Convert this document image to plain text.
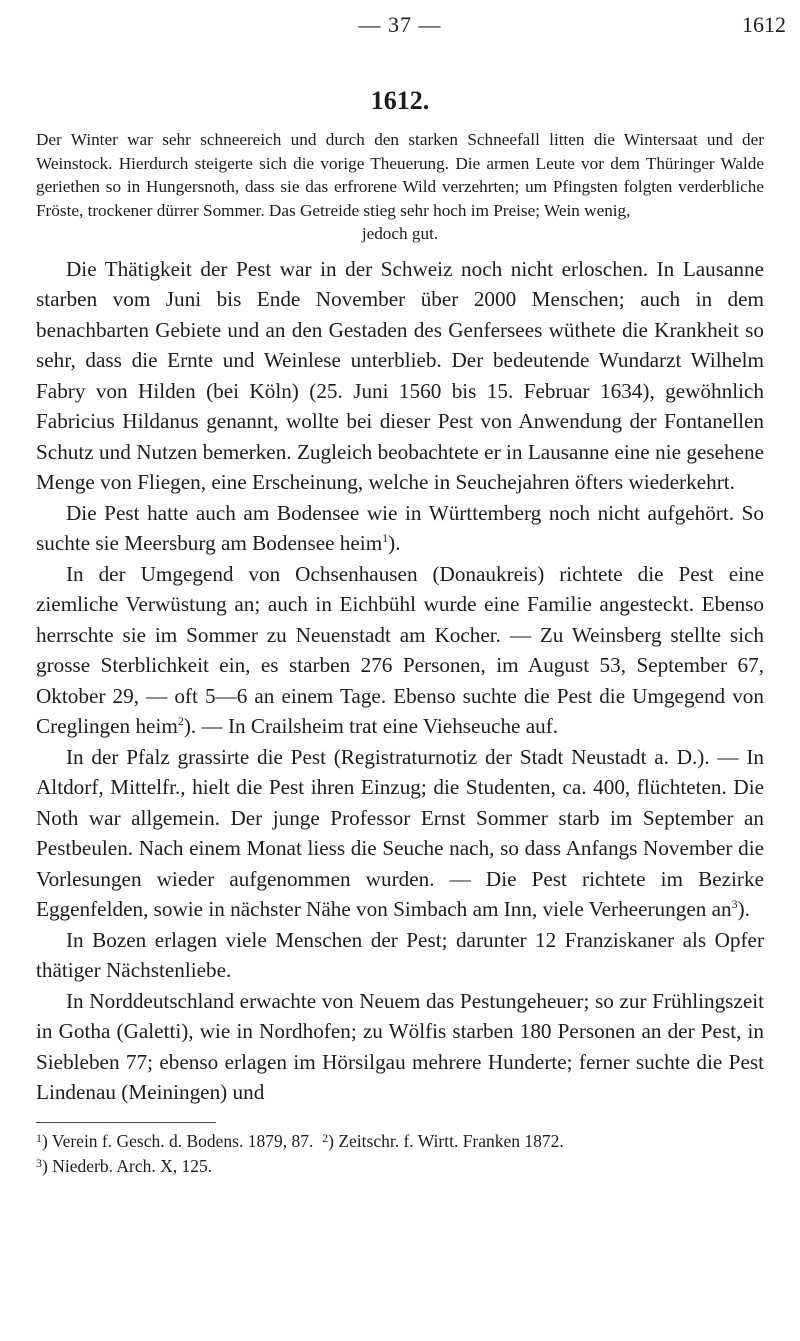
— 37 —	1612
1612.
Der Winter war sehr schneereich und durch den starken Schneefall litten die Wintersaat und der Weinstock. Hierdurch steigerte sich die vorige Theuerung. Die armen Leute vor dem Thüringer Walde geriethen so in Hungersnoth, dass sie das erfrorene Wild verzehrten; um Pfingsten folgten verderbliche Fröste, trockener dürrer Sommer. Das Getreide stieg sehr hoch im Preise; Wein wenig,
jedoch gut.

Die Thätigkeit der Pest war in der Schweiz noch nicht erloschen. In Lausanne starben vom Juni bis Ende November über 2000 Menschen; auch in dem benachbarten Gebiete und an den Gestaden des Genfersees wüthete die Krankheit so sehr, dass die Ernte und Weinlese unterblieb. Der bedeutende Wundarzt Wilhelm Fabry von Hilden (bei Köln) (25. Juni 1560 bis 15. Februar 1634), gewöhnlich Fabricius Hildanus genannt, wollte bei dieser Pest von Anwendung der Fontanellen Schutz und Nutzen bemerken. Zugleich beobachtete er in Lausanne eine nie gesehene Menge von Fliegen, eine Erscheinung, welche in Seuchejahren öfters wiederkehrt.

Die Pest hatte auch am Bodensee wie in Württemberg noch nicht aufgehört. So suchte sie Meersburg am Bodensee heim$^1$).

In der Umgegend von Ochsenhausen (Donaukreis) richtete die Pest eine ziemliche Verwüstung an; auch in Eichbühl wurde eine Familie angesteckt. Ebenso herrschte sie im Sommer zu Neuenstadt am Kocher. — Zu Weinsberg stellte sich grosse Sterblichkeit ein, es starben 276 Personen, im August 53, September 67, Oktober 29, — oft 5—6 an einem Tage. Ebenso suchte die Pest die Umgegend von Creglingen heim$^2$). — In Crailsheim trat eine Viehseuche auf.

In der Pfalz grassirte die Pest (Registraturnotiz der Stadt Neustadt a. D.). — In Altdorf, Mittelfr., hielt die Pest ihren Einzug; die Studenten, ca. 400, flüchteten. Die Noth war allgemein. Der junge Professor Ernst Sommer starb im September an Pestbeulen. Nach einem Monat liess die Seuche nach, so dass Anfangs November die Vorlesungen wieder aufgenommen wurden. — Die Pest richtete im Bezirke Eggenfelden, sowie in nächster Nähe von Simbach am Inn, viele Verheerungen $an^3$).

In Bozen erlagen viele Menschen der Pest; darunter 12 Franziskaner als Opfer thätiger Nächstenliebe.

In Norddeutschland erwachte von Neuem das Pestungeheuer; so zur Frühlingszeit in Gotha (Galetti), wie in Nordhofen; zu Wölfis starben 180 Personen an der Pest, in Siebleben 77; ebenso erlagen im Hörsilgau mehrere Hunderte; ferner suchte die Pest Lindenau (Meiningen) und

$^1$) Verein f. Gesch. d. Bodens. 1879, 87. $^2$) Zeitschr. f. Wirtt. Franken 1872.
$^3$) Niederb. Arch. X, 125.
